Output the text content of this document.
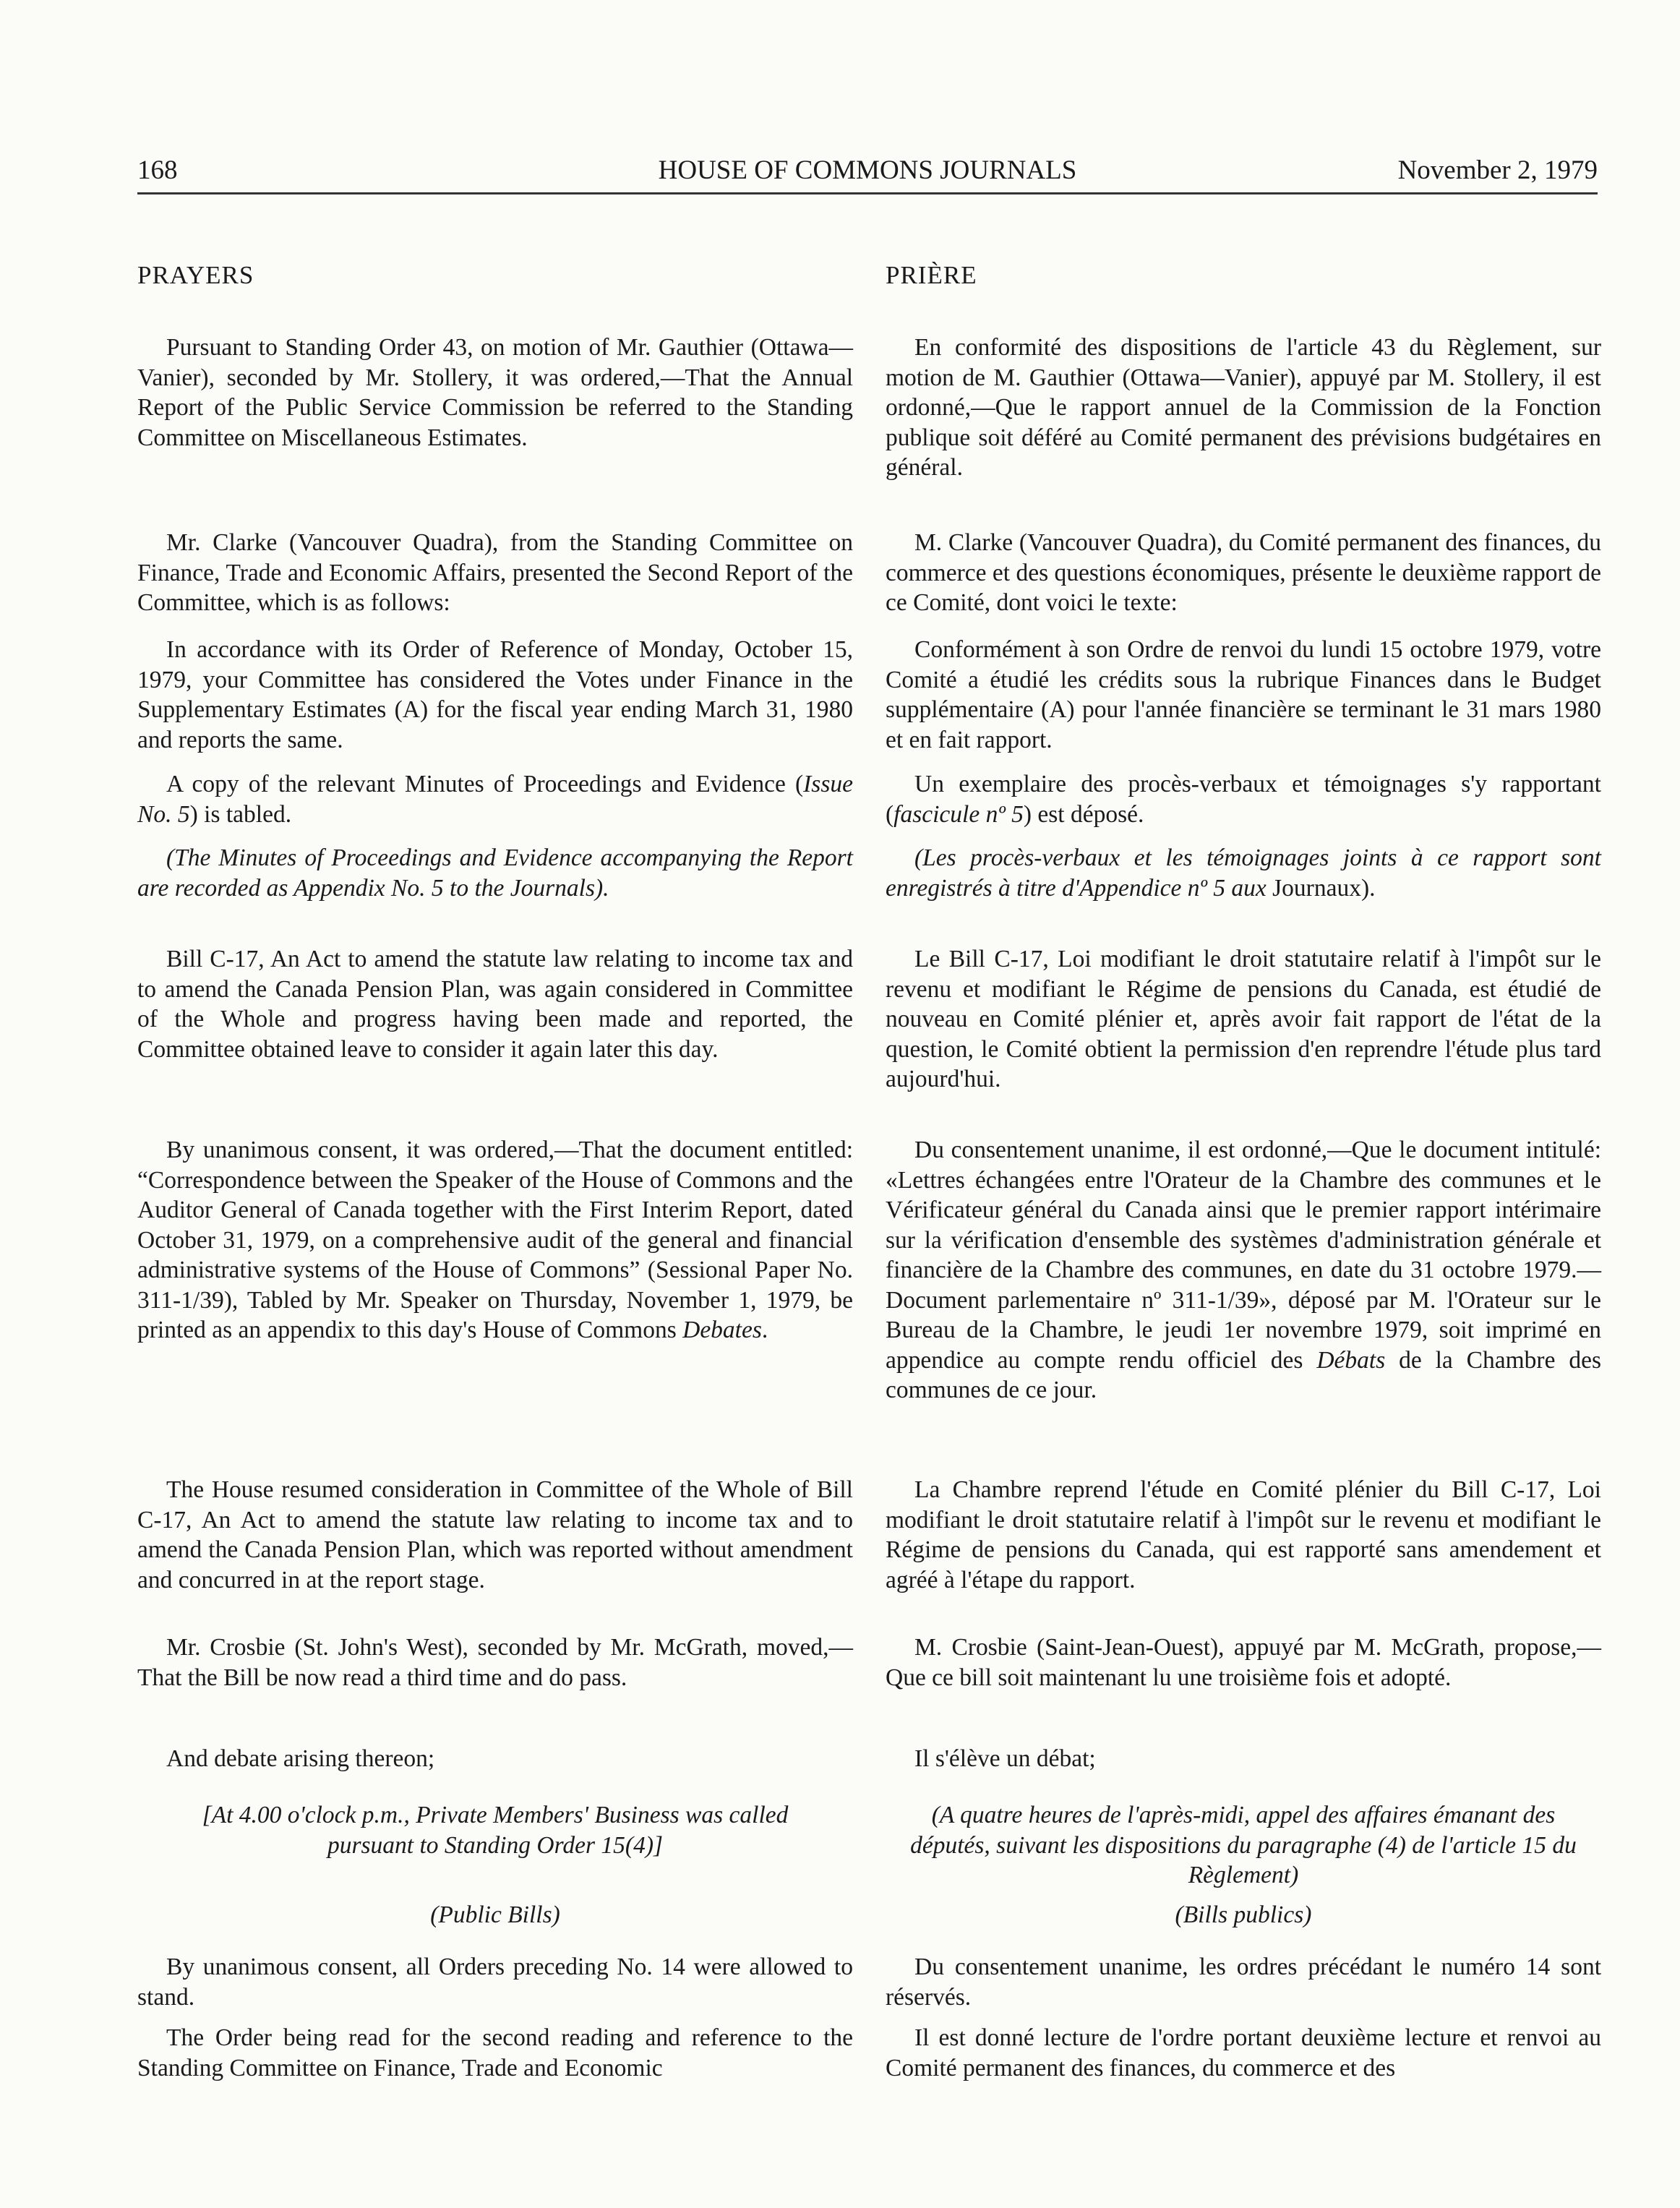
168	HOUSE OF COMMONS JOURNALS	November 2, 1979
PRAYERS

Pursuant to Standing Order 43, on motion of Mr. Gauthier (Ottawa—Vanier), seconded by Mr. Stollery, it was ordered,—That the Annual Report of the Public Service Commission be referred to the Standing Committee on Miscellaneous Estimates.

Mr. Clarke (Vancouver Quadra), from the Standing Committee on Finance, Trade and Economic Affairs, presented the Second Report of the Committee, which is as follows:

In accordance with its Order of Reference of Monday, October 15, 1979, your Committee has considered the Votes under Finance in the Supplementary Estimates (A) for the fiscal year ending March 31, 1980 and reports the same.

A copy of the relevant Minutes of Proceedings and Evidence (Issue No. 5) is tabled.

(The Minutes of Proceedings and Evidence accompanying the Report are recorded as Appendix No. 5 to the Journals).

Bill C-17, An Act to amend the statute law relating to income tax and to amend the Canada Pension Plan, was again considered in Committee of the Whole and progress having been made and reported, the Committee obtained leave to consider it again later this day.

By unanimous consent, it was ordered,—That the document entitled: “Correspondence between the Speaker of the House of Commons and the Auditor General of Canada together with the First Interim Report, dated October 31, 1979, on a comprehensive audit of the general and financial administrative systems of the House of Commons” (Sessional Paper No. 311-1/39), Tabled by Mr. Speaker on Thursday, November 1, 1979, be printed as an appendix to this day's House of Commons Debates.

The House resumed consideration in Committee of the Whole of Bill C-17, An Act to amend the statute law relating to income tax and to amend the Canada Pension Plan, which was reported without amendment and concurred in at the report stage.

Mr. Crosbie (St. John's West), seconded by Mr. McGrath, moved,—That the Bill be now read a third time and do pass.

And debate arising thereon;

[At 4.00 o'clock p.m., Private Members' Business was called pursuant to Standing Order 15(4)]

(Public Bills)

By unanimous consent, all Orders preceding No. 14 were allowed to stand.

The Order being read for the second reading and reference to the Standing Committee on Finance, Trade and Economic

PRIÈRE

En conformité des dispositions de l'article 43 du Règlement, sur motion de M. Gauthier (Ottawa—Vanier), appuyé par M. Stollery, il est ordonné,—Que le rapport annuel de la Commission de la Fonction publique soit déféré au Comité permanent des prévisions budgétaires en général.

M. Clarke (Vancouver Quadra), du Comité permanent des finances, du commerce et des questions économiques, présente le deuxième rapport de ce Comité, dont voici le texte:

Conformément à son Ordre de renvoi du lundi 15 octobre 1979, votre Comité a étudié les crédits sous la rubrique Finances dans le Budget supplémentaire (A) pour l'année financière se terminant le 31 mars 1980 et en fait rapport.

Un exemplaire des procès-verbaux et témoignages s'y rapportant (fascicule nº 5) est déposé.

(Les procès-verbaux et les témoignages joints à ce rapport sont enregistrés à titre d'Appendice nº 5 aux Journaux).

Le Bill C-17, Loi modifiant le droit statutaire relatif à l'impôt sur le revenu et modifiant le Régime de pensions du Canada, est étudié de nouveau en Comité plénier et, après avoir fait rapport de l'état de la question, le Comité obtient la permission d'en reprendre l'étude plus tard aujourd'hui.

Du consentement unanime, il est ordonné,—Que le document intitulé: «Lettres échangées entre l'Orateur de la Chambre des communes et le Vérificateur général du Canada ainsi que le premier rapport intérimaire sur la vérification d'ensemble des systèmes d'administration générale et financière de la Chambre des communes, en date du 31 octobre 1979.— Document parlementaire nº 311-1/39», déposé par M. l'Orateur sur le Bureau de la Chambre, le jeudi 1er novembre 1979, soit imprimé en appendice au compte rendu officiel des Débats de la Chambre des communes de ce jour.

La Chambre reprend l'étude en Comité plénier du Bill C-17, Loi modifiant le droit statutaire relatif à l'impôt sur le revenu et modifiant le Régime de pensions du Canada, qui est rapporté sans amendement et agréé à l'étape du rapport.

M. Crosbie (Saint-Jean-Ouest), appuyé par M. McGrath, propose,—Que ce bill soit maintenant lu une troisième fois et adopté.

Il s'élève un débat;

(A quatre heures de l'après-midi, appel des affaires émanant des députés, suivant les dispositions du paragraphe (4) de l'article 15 du Règlement)

(Bills publics)

Du consentement unanime, les ordres précédant le numéro 14 sont réservés.

Il est donné lecture de l'ordre portant deuxième lecture et renvoi au Comité permanent des finances, du commerce et des
